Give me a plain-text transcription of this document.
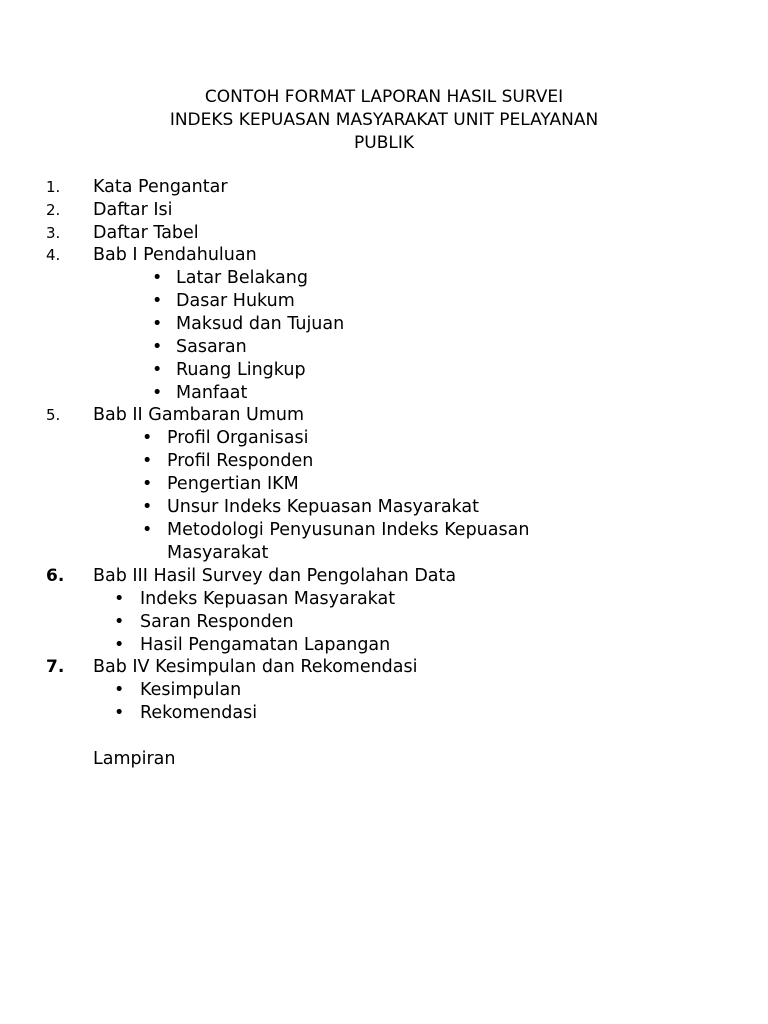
CONTOH FORMAT LAPORAN HASIL SURVEI
INDEKS KEPUASAN MASYARAKAT UNIT PELAYANAN
PUBLIK
1. Kata Pengantar
2. Daftar Isi
3. Daftar Tabel
4. Bab I Pendahuluan
• Latar Belakang
• Dasar Hukum
• Maksud dan Tujuan
• Sasaran
• Ruang Lingkup
• Manfaat
5. Bab II Gambaran Umum
• Profil Organisasi
• Profil Responden
• Pengertian IKM
• Unsur Indeks Kepuasan Masyarakat
• Metodologi Penyusunan Indeks Kepuasan
Masyarakat
6. Bab III Hasil Survey dan Pengolahan Data
• Indeks Kepuasan Masyarakat
• Saran Responden
• Hasil Pengamatan Lapangan
7. Bab IV Kesimpulan dan Rekomendasi
• Kesimpulan
• Rekomendasi
Lampiran
